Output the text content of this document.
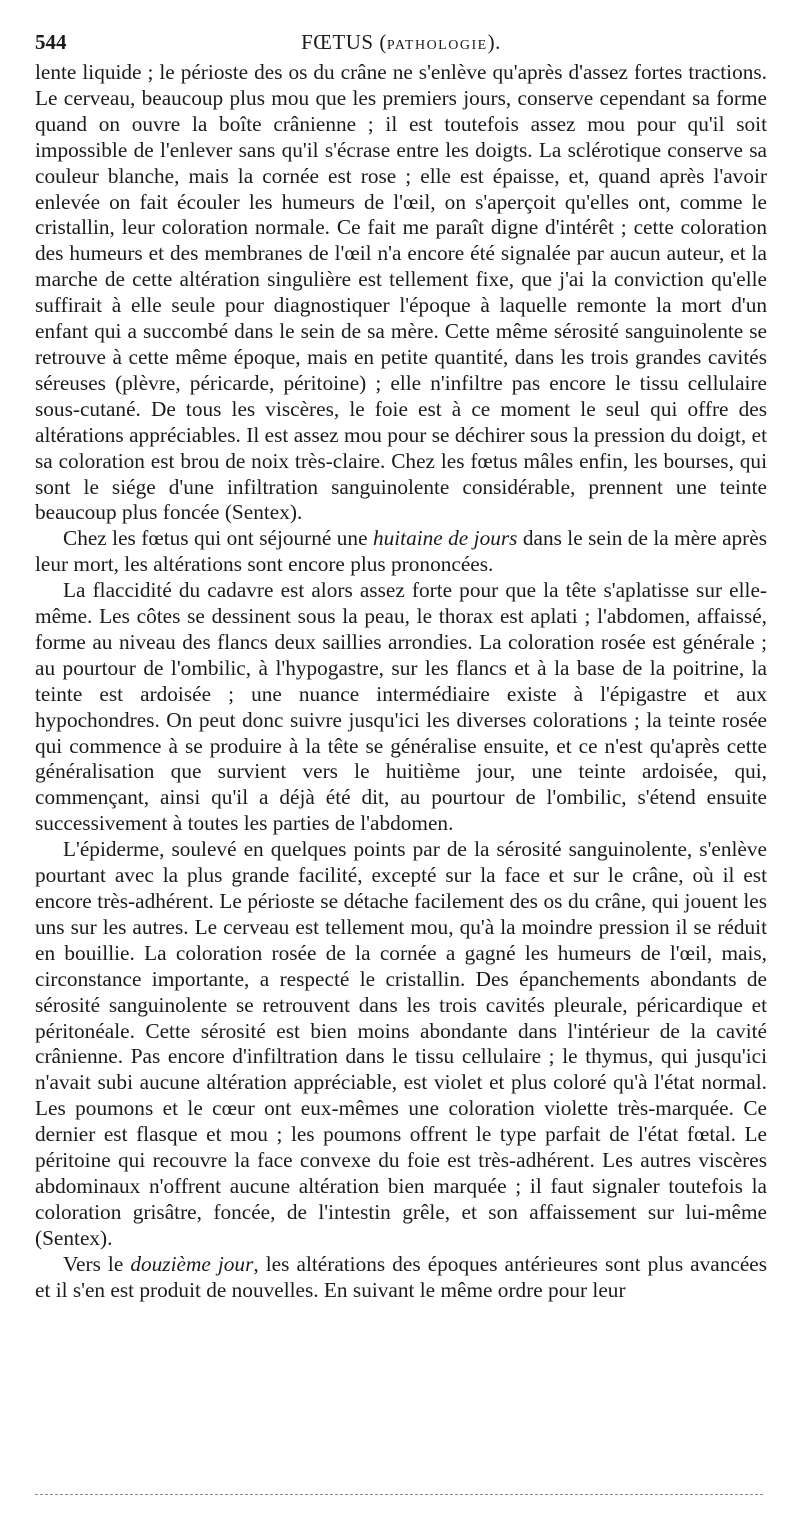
544	FŒTUS (PATHOLOGIE).

lente liquide ; le périoste des os du crâne ne s'enlève qu'après d'assez fortes tractions. Le cerveau, beaucoup plus mou que les premiers jours, conserve cependant sa forme quand on ouvre la boîte crânienne ; il est toutefois assez mou pour qu'il soit impossible de l'enlever sans qu'il s'écrase entre les doigts. La sclérotique conserve sa couleur blanche, mais la cornée est rose ; elle est épaisse, et, quand après l'avoir enlevée on fait écouler les humeurs de l'œil, on s'aperçoit qu'elles ont, comme le cristallin, leur coloration normale. Ce fait me paraît digne d'intérêt ; cette coloration des humeurs et des membranes de l'œil n'a encore été signalée par aucun auteur, et la marche de cette altération singulière est tellement fixe, que j'ai la conviction qu'elle suffirait à elle seule pour diagnostiquer l'époque à laquelle remonte la mort d'un enfant qui a succombé dans le sein de sa mère. Cette même sérosité sanguinolente se retrouve à cette même époque, mais en petite quantité, dans les trois grandes cavités séreuses (plèvre, péricarde, péritoine) ; elle n'infiltre pas encore le tissu cellulaire sous-cutané. De tous les viscères, le foie est à ce moment le seul qui offre des altérations appréciables. Il est assez mou pour se déchirer sous la pression du doigt, et sa coloration est brou de noix très-claire. Chez les fœtus mâles enfin, les bourses, qui sont le siége d'une infiltration sanguinolente considérable, prennent une teinte beaucoup plus foncée (Sentex).

Chez les fœtus qui ont séjourné une huitaine de jours dans le sein de la mère après leur mort, les altérations sont encore plus prononcées.

La flaccidité du cadavre est alors assez forte pour que la tête s'aplatisse sur elle-même. Les côtes se dessinent sous la peau, le thorax est aplati ; l'abdomen, affaissé, forme au niveau des flancs deux saillies arrondies. La coloration rosée est générale ; au pourtour de l'ombilic, à l'hypogastre, sur les flancs et à la base de la poitrine, la teinte est ardoisée ; une nuance intermédiaire existe à l'épigastre et aux hypochondres. On peut donc suivre jusqu'ici les diverses colorations ; la teinte rosée qui commence à se produire à la tête se généralise ensuite, et ce n'est qu'après cette généralisation que survient vers le huitième jour, une teinte ardoisée, qui, commençant, ainsi qu'il a déjà été dit, au pourtour de l'ombilic, s'étend ensuite successivement à toutes les parties de l'abdomen.

L'épiderme, soulevé en quelques points par de la sérosité sanguinolente, s'enlève pourtant avec la plus grande facilité, excepté sur la face et sur le crâne, où il est encore très-adhérent. Le périoste se détache facilement des os du crâne, qui jouent les uns sur les autres. Le cerveau est tellement mou, qu'à la moindre pression il se réduit en bouillie. La coloration rosée de la cornée a gagné les humeurs de l'œil, mais, circonstance importante, a respecté le cristallin. Des épanchements abondants de sérosité sanguinolente se retrouvent dans les trois cavités pleurale, péricardique et péritonéale. Cette sérosité est bien moins abondante dans l'intérieur de la cavité crânienne. Pas encore d'infiltration dans le tissu cellulaire ; le thymus, qui jusqu'ici n'avait subi aucune altération appréciable, est violet et plus coloré qu'à l'état normal. Les poumons et le cœur ont eux-mêmes une coloration violette très-marquée. Ce dernier est flasque et mou ; les poumons offrent le type parfait de l'état fœtal. Le péritoine qui recouvre la face convexe du foie est très-adhérent. Les autres viscères abdominaux n'offrent aucune altération bien marquée ; il faut signaler toutefois la coloration grisâtre, foncée, de l'intestin grêle, et son affaissement sur lui-même (Sentex).

Vers le douzième jour, les altérations des époques antérieures sont plus avancées et il s'en est produit de nouvelles. En suivant le même ordre pour leur
